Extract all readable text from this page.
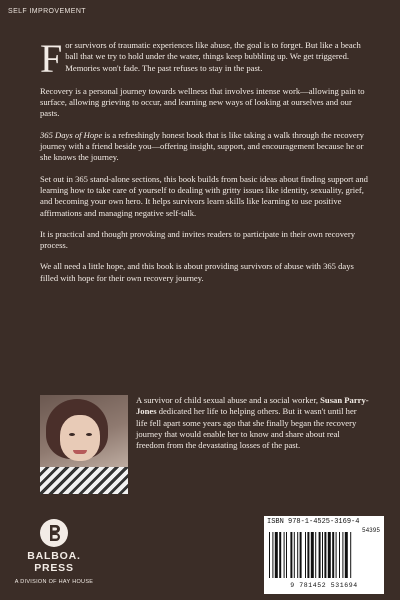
SELF IMPROVEMENT

For survivors of traumatic experiences like abuse, the goal is to forget. But like a beach ball that we try to hold under the water, things keep bubbling up. We get triggered. Memories won't fade. The past refuses to stay in the past.

Recovery is a personal journey towards wellness that involves intense work—allowing pain to surface, allowing grieving to occur, and learning new ways of looking at ourselves and our pasts.

365 Days of Hope is a refreshingly honest book that is like taking a walk through the recovery journey with a friend beside you—offering insight, support, and encouragement because he or she knows the journey.

Set out in 365 stand-alone sections, this book builds from basic ideas about finding support and learning how to take care of yourself to dealing with gritty issues like identity, sexuality, grief, and becoming your own hero. It helps survivors learn skills like learning to use positive affirmations and managing negative self-talk.

It is practical and thought provoking and invites readers to participate in their own recovery process.

We all need a little hope, and this book is about providing survivors of abuse with 365 days filled with hope for their own recovery journey.

A survivor of child sexual abuse and a social worker, Susan Parry-Jones dedicated her life to helping others. But it wasn't until her life fell apart some years ago that she finally began the recovery journey that would enable her to know and share about real freedom from the devastating losses of the past.
BALBOA.
PRESS
A DIVISION OF HAY HOUSE
ISBN 978-1-4525-3169-4
54395
9 781452 531694
